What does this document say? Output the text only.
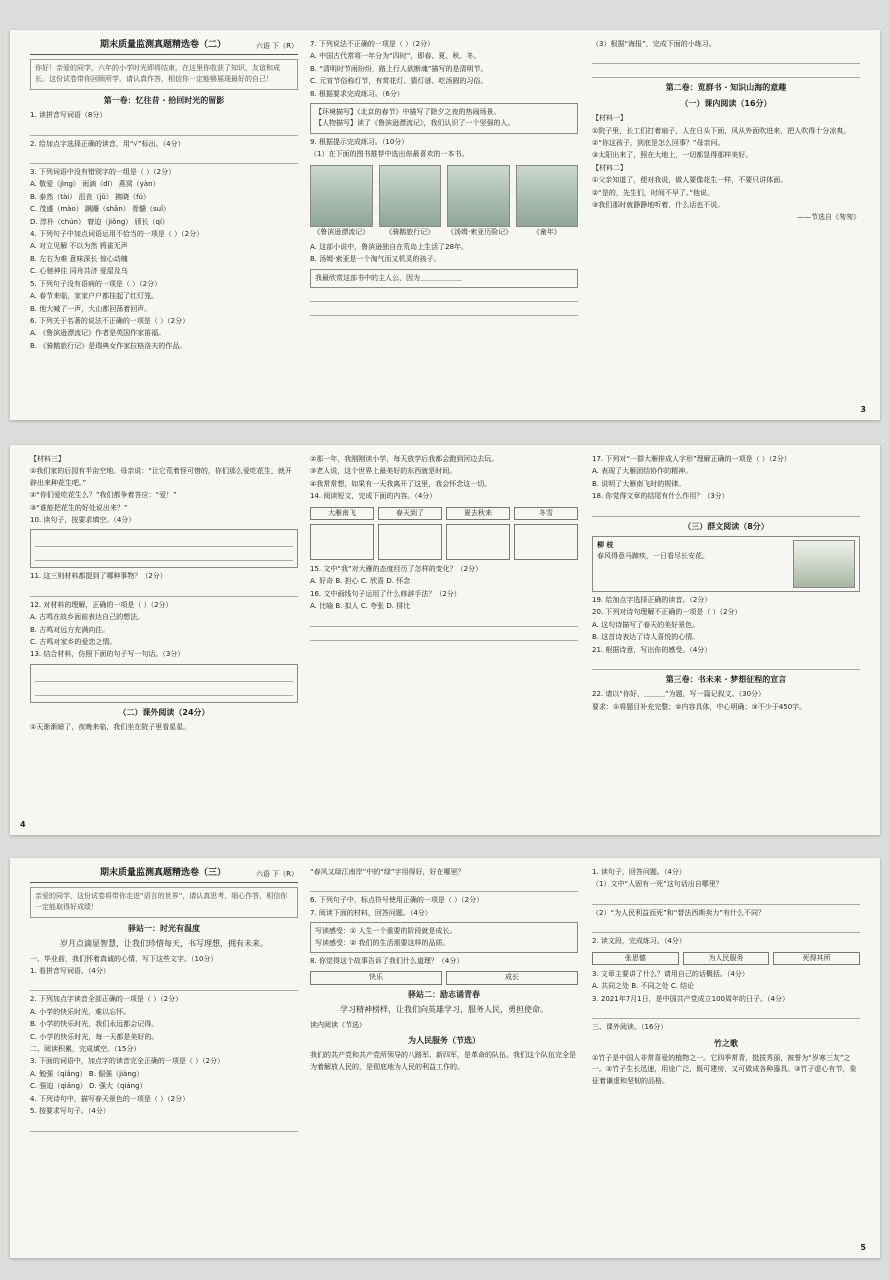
期末质量监测真题精选卷（二）	六语 下（R）
你好！亲爱的同学，六年的小学时光即将结束，在这里你收获了知识、友谊和成长。这份试卷带你回顾所学，请认真作答，相信你一定能够展现最好的自己！
第一卷：忆往昔 · 拾回时光的留影
1. 读拼音写词语（8分）
2. 给加点字选择正确的读音，用“√”标出。（4分）
3. 下列词语中没有错别字的一组是（ ）（2分）
A. 敬爱（jìng） 雨滴（dī） 燕窝（yàn）
B. 泰然（tài） 沮丧（jǔ） 拂晓（fú）
C. 茂盛（mào） 蹒跚（shān） 骨髓（suǐ）
D. 淳朴（chún） 窘迫（jiǒng） 颀长（qí）
4. 下列句子中加点词语运用不恰当的一项是（ ）（2分）
A. 对立见解 不以为然 鸦雀无声
B. 左右为难 意味深长 惊心动魄
C. 心驰神往 同舟共济 爱屋及乌
5. 下列句子没有语病的一项是（ ）（2分）
A. 春节来临，家家户户都挂起了红灯笼。
B. 他大喊了一声，大山都回荡着回声。
6. 下列关于名著的说法不正确的一项是（ ）（2分）
A. 《鲁滨逊漂流记》作者是英国作家笛福。
B. 《骑鹅旅行记》是瑞典女作家拉格洛夫的作品。
7. 下列说法不正确的一项是（ ）（2分）
A. 中国古代常将一年分为“四时”，即春、夏、秋、冬。
B. “清明时节雨纷纷，路上行人欲断魂”描写的是清明节。
C. 元宵节俗称灯节，有赏花灯、猜灯谜、吃汤圆的习俗。
8. 根据要求完成练习。（6分）
【环境描写】《北京的春节》中描写了除夕之夜的热闹场景。
【人物描写】读了《鲁滨逊漂流记》，我们认识了一个坚强的人。
9. 根据提示完成练习。（10分）
（1）在下面的图书推荐中选出你最喜欢的一本书。
《鲁滨逊漂流记》	《骑鹅旅行记》	《汤姆·索亚历险记》	《童年》
A. 这部小说中，鲁滨逊独自在荒岛上生活了28年。
B. 汤姆·索亚是一个淘气而又机灵的孩子。
我最欣赏这部书中的主人公，因为＿＿＿＿＿＿
（3）根据“海报”，完成下面的小练习。
第二卷：览群书 · 知识山海的意趣
（一）课内阅读（16分）
【材料一】
①院子里，长工们打着扇子，人在日头下面，风从外面吹进来，把人吹得十分凉爽。
②“你这孩子，到底是怎么回事？”母亲问。
③太阳出来了，照在大地上，一切都显得那样美好。
【材料二】
①父亲知道了，便对我说，做人要像花生一样，不要只讲体面。
②“是的，先生们，时间不早了。”他说。
③我们那时就静静地听着，什么话也不说。
——节选自《匆匆》
3
【材料三】
①我们家的后园有半亩空地。母亲说：“让它荒着怪可惜的，你们那么爱吃花生，就开辟出来种花生吧。”
②“你们爱吃花生么？”我们都争着答应：“爱！”
③“谁能把花生的好处说出来？”
10. 读句子，按要求填空。（4分）
11. 这三则材料都提到了哪种事物？（2分）
12. 对材料的理解，正确的一项是（ ）（2分）
A. 古鸣在故乡面前表达自己的想法。
B. 古鸣对远方充满向往。
C. 古鸣对家乡的爱恋之情。
13. 结合材料，仿照下面的句子写一句话。（3分）
（二）课外阅读（24分）
①天渐渐暗了，夜晚来临，我们坐在院子里看星星。
②那一年，我刚刚读小学，每天放学后我都会跑到河边去玩。
③老人说，这个世界上最美好的东西就是时间。
④我常常想，如果有一天我离开了这里，我会怀念这一切。
14. 阅读短文，完成下面的内容。（4分）
大雁南飞	春天到了	夏去秋来	冬雪
15. 文中“我”对大雁的态度经历了怎样的变化？（2分）
A. 好奇 B. 担心 C. 欣喜 D. 怀念
16. 文中画线句子运用了什么修辞手法？（2分）
A. 比喻 B. 拟人 C. 夸张 D. 排比
17. 下列对“一群大雁排成人字形”理解正确的一项是（ ）（2分）
A. 表现了大雁团结协作的精神。
B. 说明了大雁南飞时的规律。
18. 你觉得文章的结尾有什么作用？（3分）
（三）群文阅读（8分）
柳 枝
春风得意马蹄疾，一日看尽长安花。
19. 给加点字选择正确的读音。（2分）
20. 下列对诗句理解不正确的一项是（ ）（2分）
A. 这句诗描写了春天的美好景色。
B. 这首诗表达了诗人喜悦的心情。
21. 根据诗意，写出你的感受。（4分）
第三卷：书未来 · 梦想征程的宣言
22. 请以“你好，＿＿＿”为题，写一篇记叙文。（30分）
要求：①将题目补充完整；②内容具体，中心明确；③不少于450字。
4
期末质量监测真题精选卷（三）	六语 下（R）
亲爱的同学，这份试卷将带你走进“语言的世界”，请认真思考，细心作答，相信你一定能取得好成绩！
驿站一：时光有温度
岁月点滴显智慧，让我们珍惜每天，书写理想，拥有未来。
一、毕业前，我们怀着真诚的心情，写下这些文字。（10分）
1. 看拼音写词语。（4分）
2. 下列加点字读音全部正确的一项是（ ）（2分）
A. 小学的快乐时光，难以忘怀。
B. 小学的快乐时光，我们永远都会记得。
C. 小学的快乐时光，每一天都是美好的。
二、阅读积累，完成填空。（15分）
3. 下面的词语中，加点字的读音完全正确的一项是（ ）（2分）
A. 勉强（qiǎng） B. 倔强（jiàng）
C. 强迫（qiǎng） D. 强大（qiáng）
4. 下列诗句中，描写春天景色的一项是（ ）（2分）
5. 按要求写句子。（4分）
“春风又绿江南岸”中的“绿”字用得好，好在哪里？
6. 下列句子中，标点符号使用正确的一项是（ ）（2分）
7. 阅读下面的材料，回答问题。（4分）
写读感受：① 人生一个重要的阶段就是成长。
写读感受：② 我们的生活需要这样的品质。
8. 你觉得这个故事告诉了我们什么道理？（4分）
快乐	成长
驿站二：励志诵青春
学习精神榜样，让我们向英雄学习，服务人民，勇担使命。
读内阅读（节选）
为人民服务（节选）
我们的共产党和共产党所领导的八路军、新四军，是革命的队伍。我们这个队伍完全是为着解放人民的，是彻底地为人民的利益工作的。
1. 读句子，回答问题。（4分）
（1）文中“人固有一死”这句话出自哪里？
（2）“为人民利益而死”和“替法西斯卖力”有什么不同？
2. 读文段，完成练习。（4分）
张思德	为人民服务	死得其所
3. 文章主要讲了什么？请用自己的话概括。（4分）
A. 共同之处 B. 不同之处 C. 结论
3. 2021年7月1日，是中国共产党成立100周年的日子。（4分）
三、课外阅读。（16分）
竹之歌
①竹子是中国人非常喜爱的植物之一。它四季常青，挺拔秀丽，被誉为“岁寒三友”之一。②竹子生长迅速，用途广泛，既可建房，又可做成各种器具。③竹子虚心有节，象征着谦虚和坚韧的品格。
5
